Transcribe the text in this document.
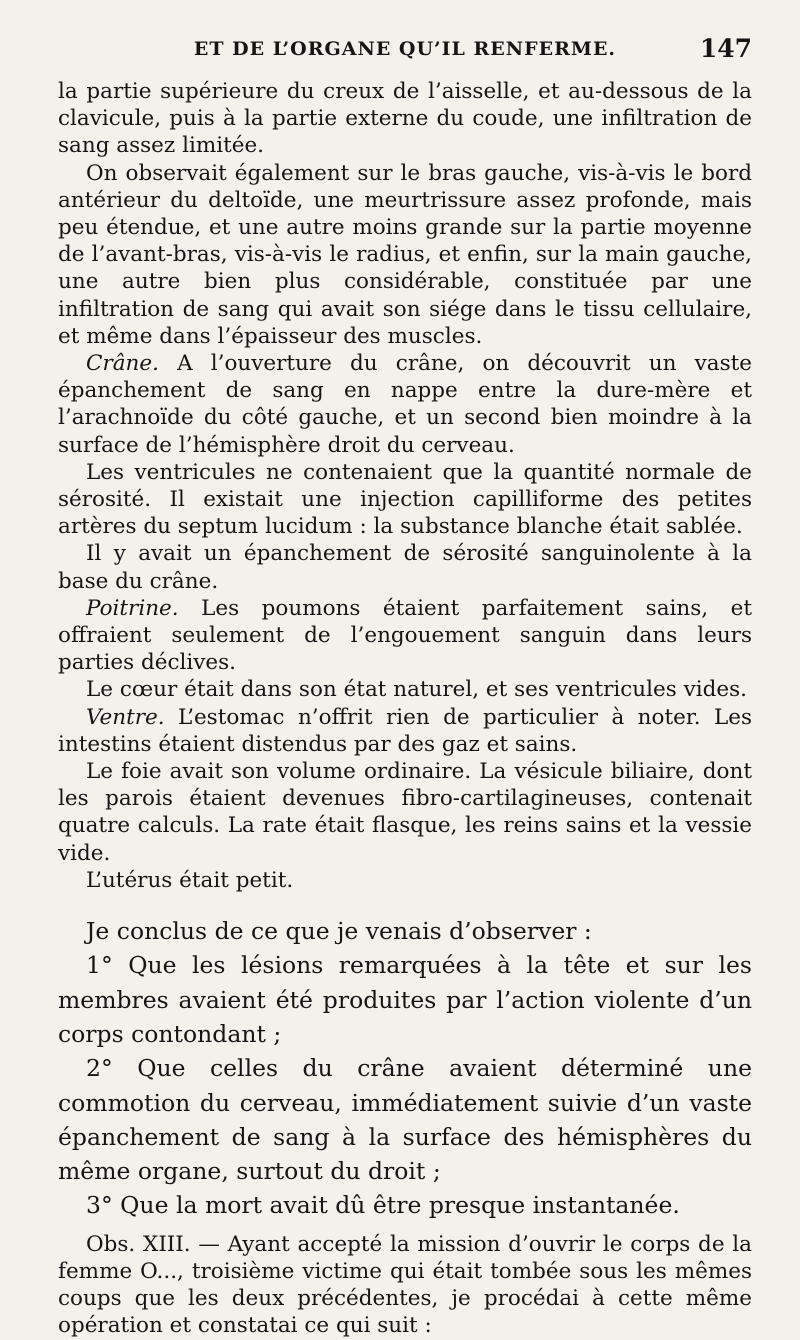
ET DE L’ORGANE QU’IL RENFERME.	147

la partie supérieure du creux de l’aisselle, et au-dessous de la clavicule, puis à la partie externe du coude, une infiltration de sang assez limitée.

On observait également sur le bras gauche, vis-à-vis le bord antérieur du deltoïde, une meurtrissure assez profonde, mais peu étendue, et une autre moins grande sur la partie moyenne de l’avant-bras, vis-à-vis le radius, et enfin, sur la main gauche, une autre bien plus considérable, constituée par une infiltration de sang qui avait son siége dans le tissu cellulaire, et même dans l’épaisseur des muscles.

Crâne. A l’ouverture du crâne, on découvrit un vaste épanchement de sang en nappe entre la dure-mère et l’arachnoïde du côté gauche, et un second bien moindre à la surface de l’hémisphère droit du cerveau.

Les ventricules ne contenaient que la quantité normale de sérosité. Il existait une injection capilliforme des petites artères du septum lucidum : la substance blanche était sablée.

Il y avait un épanchement de sérosité sanguinolente à la base du crâne.

Poitrine. Les poumons étaient parfaitement sains, et offraient seulement de l’engouement sanguin dans leurs parties déclives.

Le cœur était dans son état naturel, et ses ventricules vides.

Ventre. L’estomac n’offrit rien de particulier à noter. Les intestins étaient distendus par des gaz et sains.

Le foie avait son volume ordinaire. La vésicule biliaire, dont les parois étaient devenues fibro-cartilagineuses, contenait quatre calculs. La rate était flasque, les reins sains et la vessie vide.

L’utérus était petit.

Je conclus de ce que je venais d’observer :

1° Que les lésions remarquées à la tête et sur les membres avaient été produites par l’action violente d’un corps contondant ;

2° Que celles du crâne avaient déterminé une commotion du cerveau, immédiatement suivie d’un vaste épanchement de sang à la surface des hémisphères du même organe, surtout du droit ;

3° Que la mort avait dû être presque instantanée.

Obs. XIII. — Ayant accepté la mission d’ouvrir le corps de la femme O..., troisième victime qui était tombée sous les mêmes coups que les deux précédentes, je procédai à cette même opération et constatai ce qui suit :
